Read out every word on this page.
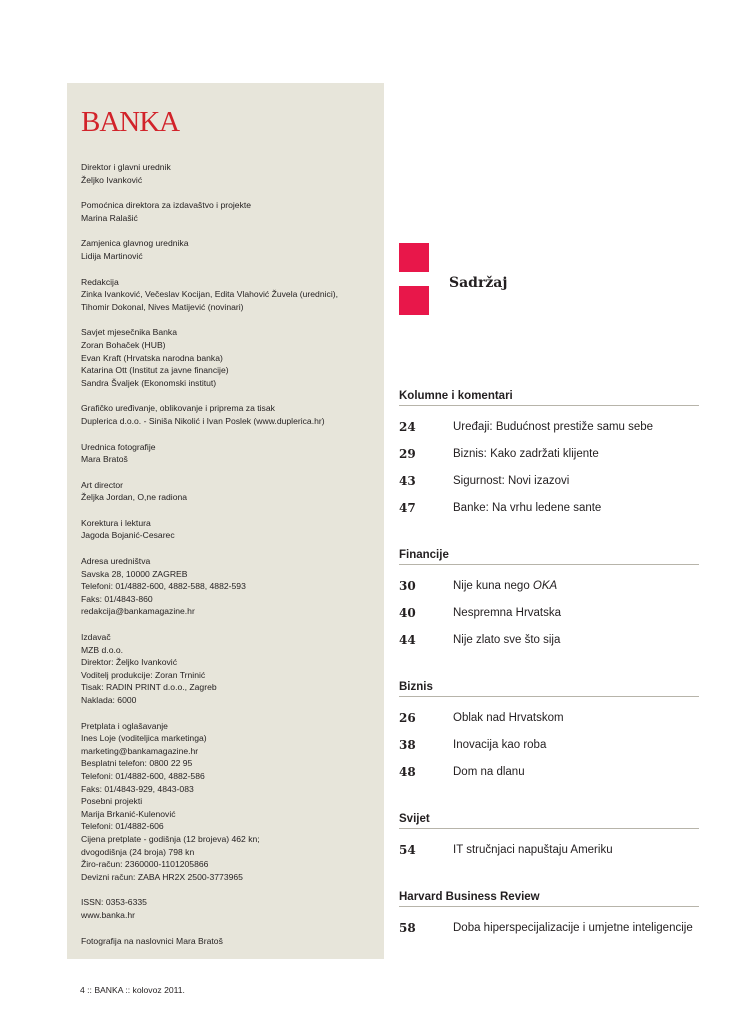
BANKA
Direktor i glavni urednik
Željko Ivanković
Pomoćnica direktora za izdavaštvo i projekte
Marina Ralašić
Zamjenica glavnog urednika
Lidija Martinović
Redakcija
Zinka Ivanković, Večeslav Kocijan, Edita Vlahović Žuvela (urednici),
Tihomir Dokonal, Nives Matijević (novinari)
Savjet mjesečnika Banka
Zoran Bohaček (HUB)
Evan Kraft (Hrvatska narodna banka)
Katarina Ott (Institut za javne financije)
Sandra Švaljek (Ekonomski institut)
Grafičko uređivanje, oblikovanje i priprema za tisak
Duplerica d.o.o. - Siniša Nikolić i Ivan Poslek (www.duplerica.hr)
Urednica fotografije
Mara Bratoš
Art director
Željka Jordan, O,ne radiona
Korektura i lektura
Jagoda Bojanić-Cesarec
Adresa uredništva
Savska 28, 10000 ZAGREB
Telefoni: 01/4882-600, 4882-588, 4882-593
Faks: 01/4843-860
redakcija@bankamagazine.hr
Izdavač
MZB d.o.o.
Direktor: Željko Ivanković
Voditelj produkcije: Zoran Trninić
Tisak: RADIN PRINT d.o.o., Zagreb
Naklada: 6000
Pretplata i oglašavanje
Ines Loje (voditeljica marketinga)
marketing@bankamagazine.hr
Besplatni telefon: 0800 22 95
Telefoni: 01/4882-600, 4882-586
Faks: 01/4843-929, 4843-083
Posebni projekti
Marija Brkanić-Kulenović
Telefoni: 01/4882-606
Cijena pretplate - godišnja (12 brojeva) 462 kn;
dvogodišnja (24 broja) 798 kn
Žiro-račun: 2360000-1101205866
Devizni račun: ZABA HR2X 2500-3773965
ISSN: 0353-6335
www.banka.hr
Fotografija na naslovnici Mara Bratoš
4 :: BANKA :: kolovoz 2011.
Sadržaj
Kolumne i komentari
24	Uređaji: Budućnost prestiže samu sebe
29	Biznis: Kako zadržati klijente
43	Sigurnost: Novi izazovi
47	Banke: Na vrhu ledene sante
Financije
30	Nije kuna nego OKA
40	Nespremna Hrvatska
44	Nije zlato sve što sija
Biznis
26	Oblak nad Hrvatskom
38	Inovacija kao roba
48	Dom na dlanu
Svijet
54	IT stručnjaci napuštaju Ameriku
Harvard Business Review
58	Doba hiperspecijalizacije i umjetne inteligencije
